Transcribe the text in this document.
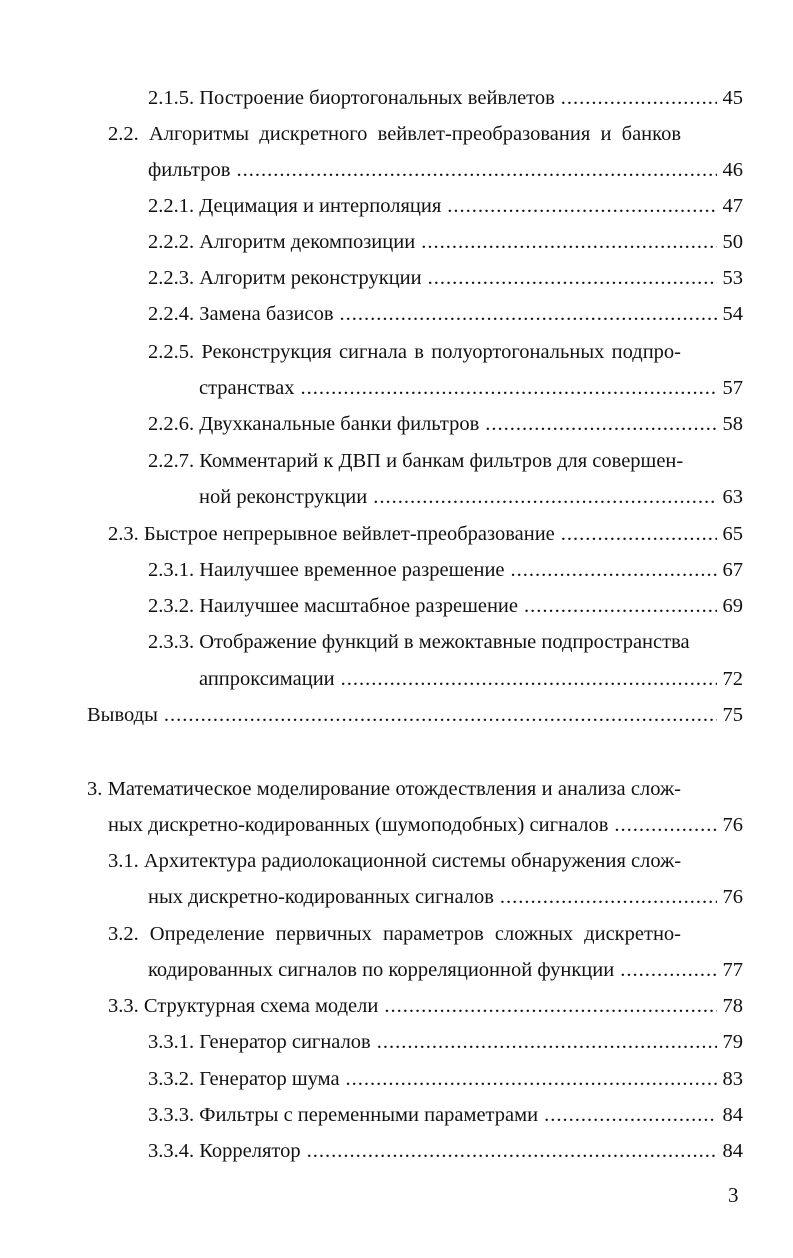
2.1.5. Построение биортогональных вейвлетов .....	45
2.2. Алгоритмы дискретного вейвлет-преобразования и банков
фильтров .....	46
2.2.1. Децимация и интерполяция .....	47
2.2.2. Алгоритм декомпозиции .....	50
2.2.3. Алгоритм реконструкции .....	53
2.2.4. Замена базисов .....	54
2.2.5. Реконструкция сигнала в полуортогональных подпро-
странствах .....	57
2.2.6. Двухканальные банки фильтров .....	58
2.2.7. Комментарий к ДВП и банкам фильтров для совершен-
ной реконструкции .....	63
2.3. Быстрое непрерывное вейвлет-преобразование .....	65
2.3.1. Наилучшее временное разрешение .....	67
2.3.2. Наилучшее масштабное разрешение .....	69
2.3.3. Отображение функций в межоктавные подпространства
аппроксимации .....	72
Выводы .....	75
3. Математическое моделирование отождествления и анализа слож-
ных дискретно-кодированных (шумоподобных) сигналов .....	76
3.1. Архитектура радиолокационной системы обнаружения слож-
ных дискретно-кодированных сигналов .....	76
3.2. Определение первичных параметров сложных дискретно-
кодированных сигналов по корреляционной функции .....	77
3.3. Структурная схема модели .....	78
3.3.1. Генератор сигналов .....	79
3.3.2. Генератор шума .....	83
3.3.3. Фильтры с переменными параметрами .....	84
3.3.4. Коррелятор .....	84
3
